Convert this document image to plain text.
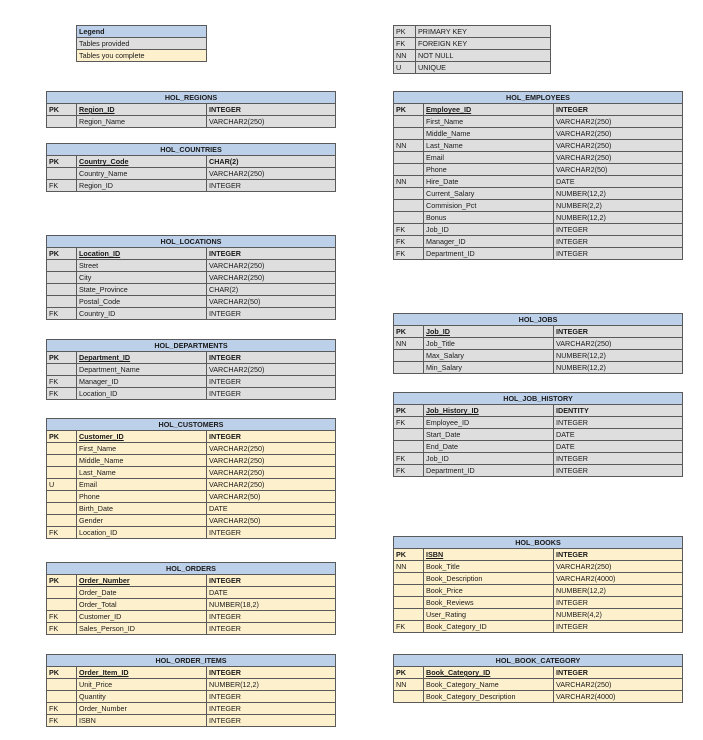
Legend
Tables provided
Tables you complete
PK	PRIMARY KEY
FK	FOREIGN KEY
NN	NOT NULL
U	UNIQUE
HOL_REGIONS		
PK	Region_ID	INTEGER
	Region_Name	VARCHAR2(250)
HOL_COUNTRIES		
PK	Country_Code	CHAR(2)
	Country_Name	VARCHAR2(250)
FK	Region_ID	INTEGER
HOL_LOCATIONS		
PK	Location_ID	INTEGER
	Street	VARCHAR2(250)
	City	VARCHAR2(250)
	State_Province	CHAR(2)
	Postal_Code	VARCHAR2(50)
FK	Country_ID	INTEGER
HOL_DEPARTMENTS		
PK	Department_ID	INTEGER
	Department_Name	VARCHAR2(250)
FK	Manager_ID	INTEGER
FK	Location_ID	INTEGER
HOL_CUSTOMERS		
PK	Customer_ID	INTEGER
	First_Name	VARCHAR2(250)
	Middle_Name	VARCHAR2(250)
	Last_Name	VARCHAR2(250)
U	Email	VARCHAR2(250)
	Phone	VARCHAR2(50)
	Birth_Date	DATE
	Gender	VARCHAR2(50)
FK	Location_ID	INTEGER
HOL_ORDERS		
PK	Order_Number	INTEGER
	Order_Date	DATE
	Order_Total	NUMBER(18,2)
FK	Customer_ID	INTEGER
FK	Sales_Person_ID	INTEGER
HOL_ORDER_ITEMS		
PK	Order_Item_ID	INTEGER
	Unit_Price	NUMBER(12,2)
	Quantity	INTEGER
FK	Order_Number	INTEGER
FK	ISBN	INTEGER
HOL_EMPLOYEES		
PK	Employee_ID	INTEGER
	First_Name	VARCHAR2(250)
	Middle_Name	VARCHAR2(250)
NN	Last_Name	VARCHAR2(250)
	Email	VARCHAR2(250)
	Phone	VARCHAR2(50)
NN	Hire_Date	DATE
	Current_Salary	NUMBER(12,2)
	Commision_Pct	NUMBER(2,2)
	Bonus	NUMBER(12,2)
FK	Job_ID	INTEGER
FK	Manager_ID	INTEGER
FK	Department_ID	INTEGER
HOL_JOBS		
PK	Job_ID	INTEGER
NN	Job_Title	VARCHAR2(250)
	Max_Salary	NUMBER(12,2)
	Min_Salary	NUMBER(12,2)
HOL_JOB_HISTORY		
PK	Job_History_ID	IDENTITY
FK	Employee_ID	INTEGER
	Start_Date	DATE
	End_Date	DATE
FK	Job_ID	INTEGER
FK	Department_ID	INTEGER
HOL_BOOKS		
PK	ISBN	INTEGER
NN	Book_Title	VARCHAR2(250)
	Book_Description	VARCHAR2(4000)
	Book_Price	NUMBER(12,2)
	Book_Reviews	INTEGER
	User_Rating	NUMBER(4,2)
FK	Book_Category_ID	INTEGER
HOL_BOOK_CATEGORY		
PK	Book_Category_ID	INTEGER
NN	Book_Category_Name	VARCHAR2(250)
	Book_Category_Description	VARCHAR2(4000)
